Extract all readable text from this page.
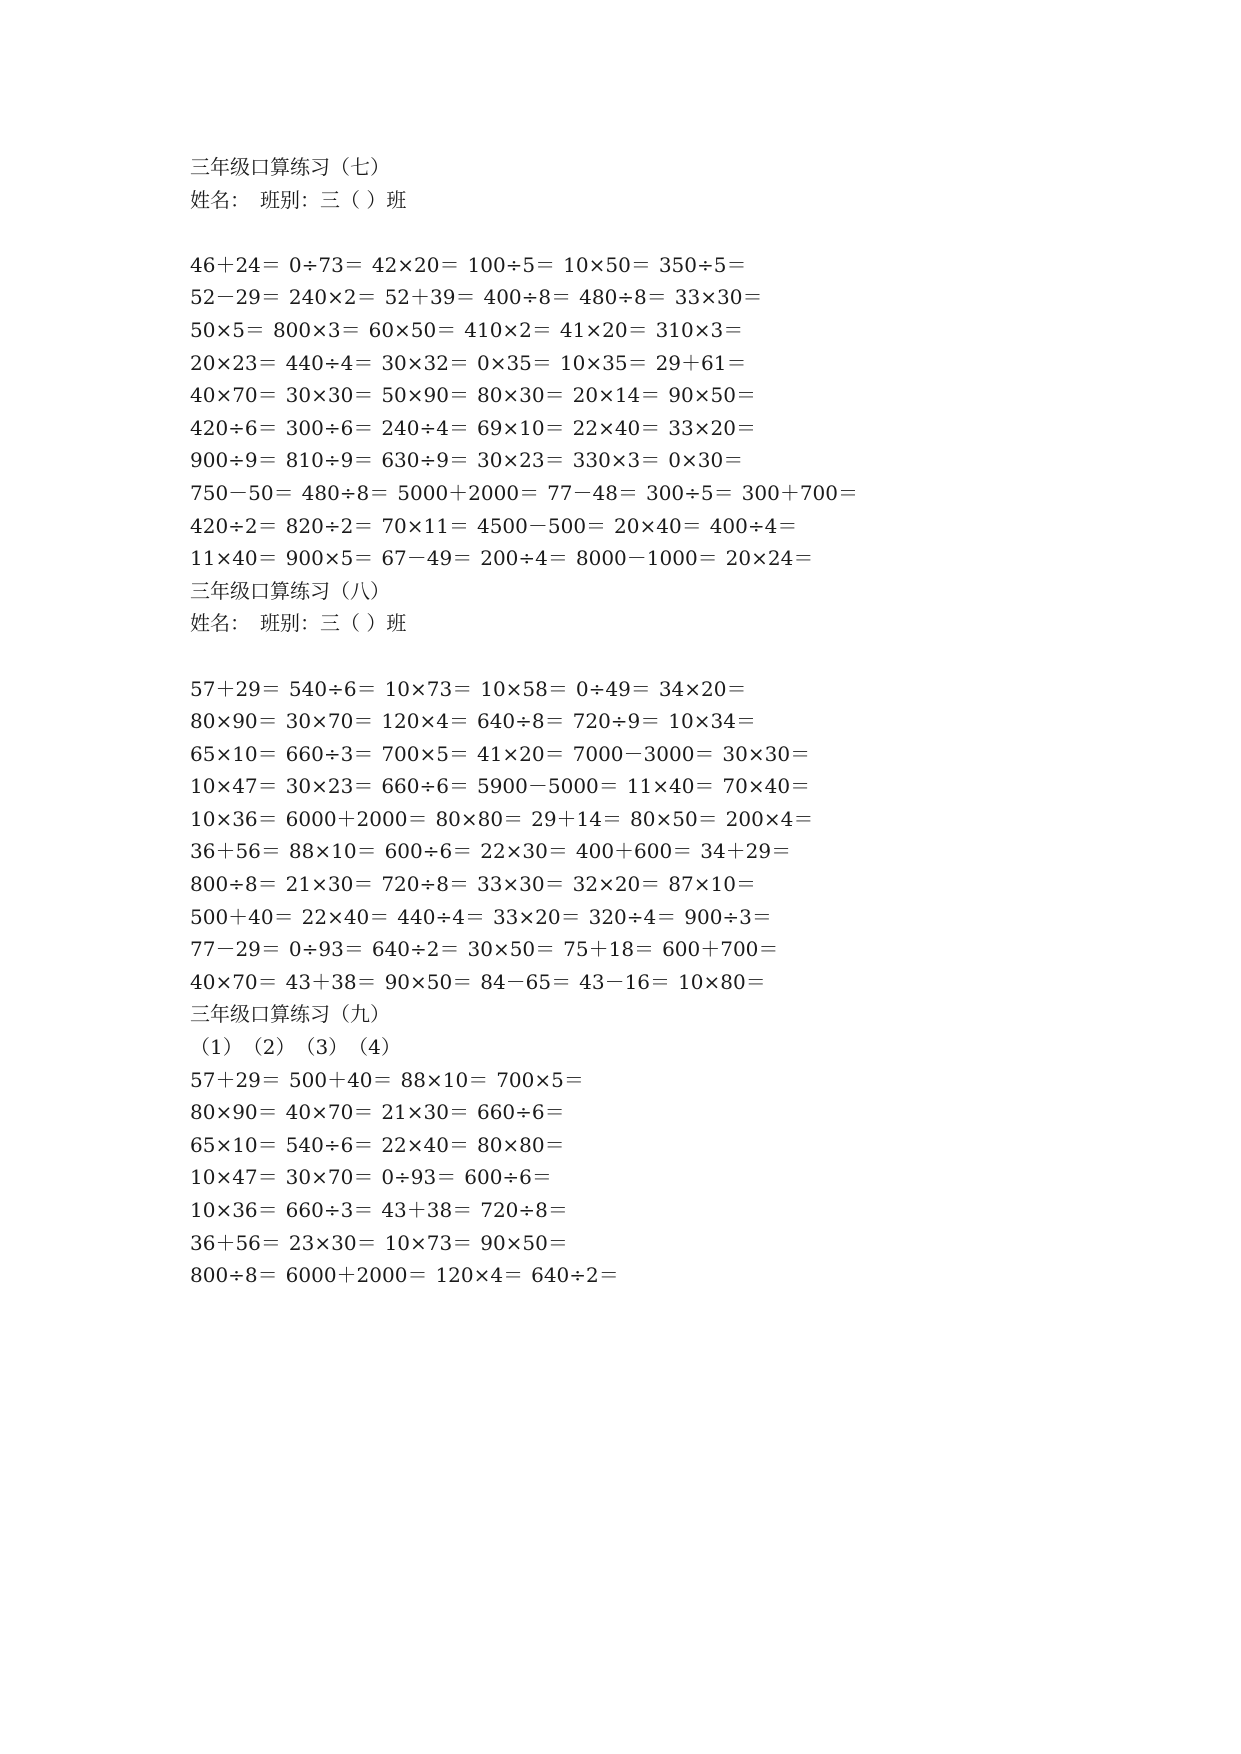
三年级口算练习（七）
姓名：　班别：三（ ）班
46＋24＝ 0÷73＝ 42×20＝ 100÷5＝ 10×50＝ 350÷5＝
52－29＝ 240×2＝ 52＋39＝ 400÷8＝ 480÷8＝ 33×30＝
50×5＝ 800×3＝ 60×50＝ 410×2＝ 41×20＝ 310×3＝
20×23＝ 440÷4＝ 30×32＝ 0×35＝ 10×35＝ 29＋61＝
40×70＝ 30×30＝ 50×90＝ 80×30＝ 20×14＝ 90×50＝
420÷6＝ 300÷6＝ 240÷4＝ 69×10＝ 22×40＝ 33×20＝
900÷9＝ 810÷9＝ 630÷9＝ 30×23＝ 330×3＝ 0×30＝
750－50＝ 480÷8＝ 5000＋2000＝ 77－48＝ 300÷5＝ 300＋700＝
420÷2＝ 820÷2＝ 70×11＝ 4500－500＝ 20×40＝ 400÷4＝
11×40＝ 900×5＝ 67－49＝ 200÷4＝ 8000－1000＝ 20×24＝
三年级口算练习（八）
姓名：　班别：三（ ）班
57＋29＝ 540÷6＝ 10×73＝ 10×58＝ 0÷49＝ 34×20＝
80×90＝ 30×70＝ 120×4＝ 640÷8＝ 720÷9＝ 10×34＝
65×10＝ 660÷3＝ 700×5＝ 41×20＝ 7000－3000＝ 30×30＝
10×47＝ 30×23＝ 660÷6＝ 5900－5000＝ 11×40＝ 70×40＝
10×36＝ 6000＋2000＝ 80×80＝ 29＋14＝ 80×50＝ 200×4＝
36＋56＝ 88×10＝ 600÷6＝ 22×30＝ 400＋600＝ 34＋29＝
800÷8＝ 21×30＝ 720÷8＝ 33×30＝ 32×20＝ 87×10＝
500＋40＝ 22×40＝ 440÷4＝ 33×20＝ 320÷4＝ 900÷3＝
77－29＝ 0÷93＝ 640÷2＝ 30×50＝ 75＋18＝ 600＋700＝
40×70＝ 43＋38＝ 90×50＝ 84－65＝ 43－16＝ 10×80＝
三年级口算练习（九）
（1）　（2）　（3）　（4）
57＋29＝ 500＋40＝ 88×10＝ 700×5＝
80×90＝ 40×70＝ 21×30＝ 660÷6＝
65×10＝ 540÷6＝ 22×40＝ 80×80＝
10×47＝ 30×70＝ 0÷93＝ 600÷6＝
10×36＝ 660÷3＝ 43＋38＝ 720÷8＝
36＋56＝ 23×30＝ 10×73＝ 90×50＝
800÷8＝ 6000＋2000＝ 120×4＝ 640÷2＝
